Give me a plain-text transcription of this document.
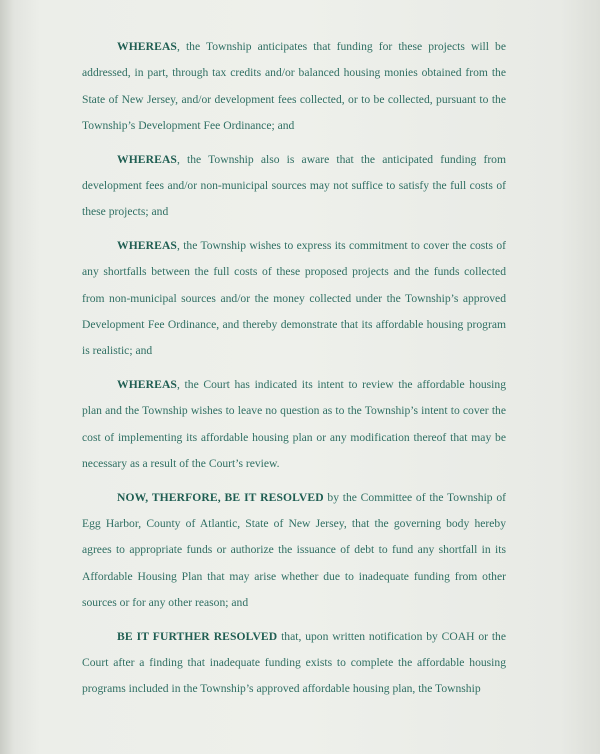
WHEREAS, the Township anticipates that funding for these projects will be addressed, in part, through tax credits and/or balanced housing monies obtained from the State of New Jersey, and/or development fees collected, or to be collected, pursuant to the Township’s Development Fee Ordinance; and

WHEREAS, the Township also is aware that the anticipated funding from development fees and/or non-municipal sources may not suffice to satisfy the full costs of these projects; and

WHEREAS, the Township wishes to express its commitment to cover the costs of any shortfalls between the full costs of these proposed projects and the funds collected from non-municipal sources and/or the money collected under the Township’s approved Development Fee Ordinance, and thereby demonstrate that its affordable housing program is realistic; and

WHEREAS, the Court has indicated its intent to review the affordable housing plan and the Township wishes to leave no question as to the Township’s intent to cover the cost of implementing its affordable housing plan or any modification thereof that may be necessary as a result of the Court’s review.

NOW, THERFORE, BE IT RESOLVED by the Committee of the Township of Egg Harbor, County of Atlantic, State of New Jersey, that the governing body hereby agrees to appropriate funds or authorize the issuance of debt to fund any shortfall in its Affordable Housing Plan that may arise whether due to inadequate funding from other sources or for any other reason; and

BE IT FURTHER RESOLVED that, upon written notification by COAH or the Court after a finding that inadequate funding exists to complete the affordable housing programs included in the Township’s approved affordable housing plan, the Township
